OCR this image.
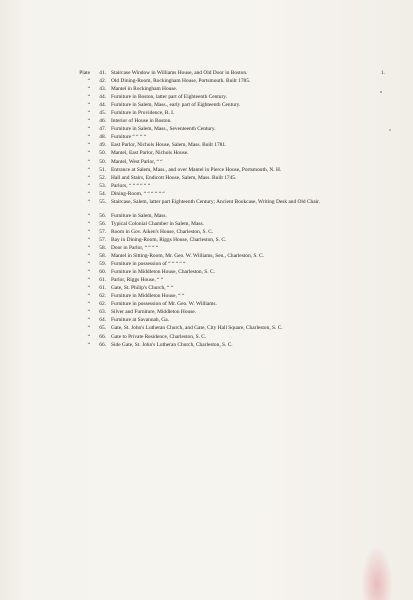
1.
Plate	41. Staircase Window in Williams House, and Old Door in Boston.
“	42. Old Dining-Room, Rockingham House, Portsmouth. Built 1785.
“	43. Mantel in Rockingham House.
“	44. Furniture in Boston, latter part of Eighteenth Century.
“	44. Furniture in Salem, Mass., early part of Eighteenth Century.
“	45. Furniture in Providence, R. I.
“	46. Interior of House in Boston.
“	47. Furniture in Salem, Mass., Seventeenth Century.
“	48. Furniture “ “ “ “
“	49. East Parlor, Nichols House, Salem, Mass. Built 1781.
“	50. Mantel, East Parlor, Nichols House.
“	50. Mantel, West Parlor, “ “
“	51. Entrance at Salem, Mass., and over Mantel in Pierce House, Portsmouth, N. H.
“	52. Hall and Stairs, Endicott House, Salem, Mass. Built 1745.
“	53. Parlors, “ “ “ “ “ “
“	54. Dining-Room, “ “ “ “ “ “
“	55. Staircase, Salem, latter part Eighteenth Century; Ancient Bookcase, Writing Desk and Old Chair.
“	56. Furniture in Salem, Mass.
“	56. Typical Colonial Chamber in Salem, Mass.
“	57. Room in Gov. Aiken's House, Charleston, S. C.
“	57. Bay in Dining-Room, Riggs House, Charleston, S. C.
“	58. Door in Parlor, “ “ “ “
“	58. Mantel in Sitting-Room, Mr. Geo. W. Williams, Sen., Charleston, S. C.
“	59. Furniture in possession of “ “ “ “ “
“	60. Furniture in Middleton House, Charleston, S. C.
“	61. Parlor, Riggs House, “ “
“	61. Gate, St. Philip's Church, “ “
“	62. Furniture in Middleton House, “ “
“	62. Furniture in possession of Mr. Geo. W. Williams.
“	63. Silver and Furniture, Middleton House.
“	64. Furniture at Savannah, Ga.
“	65. Gate, St. John's Lutheran Church, and Gate, City Hall Square, Charleston, S. C.
“	66. Gate to Private Residence, Charleston, S. C.
“	66. Side Gate, St. John's Lutheran Church, Charleston, S. C.
